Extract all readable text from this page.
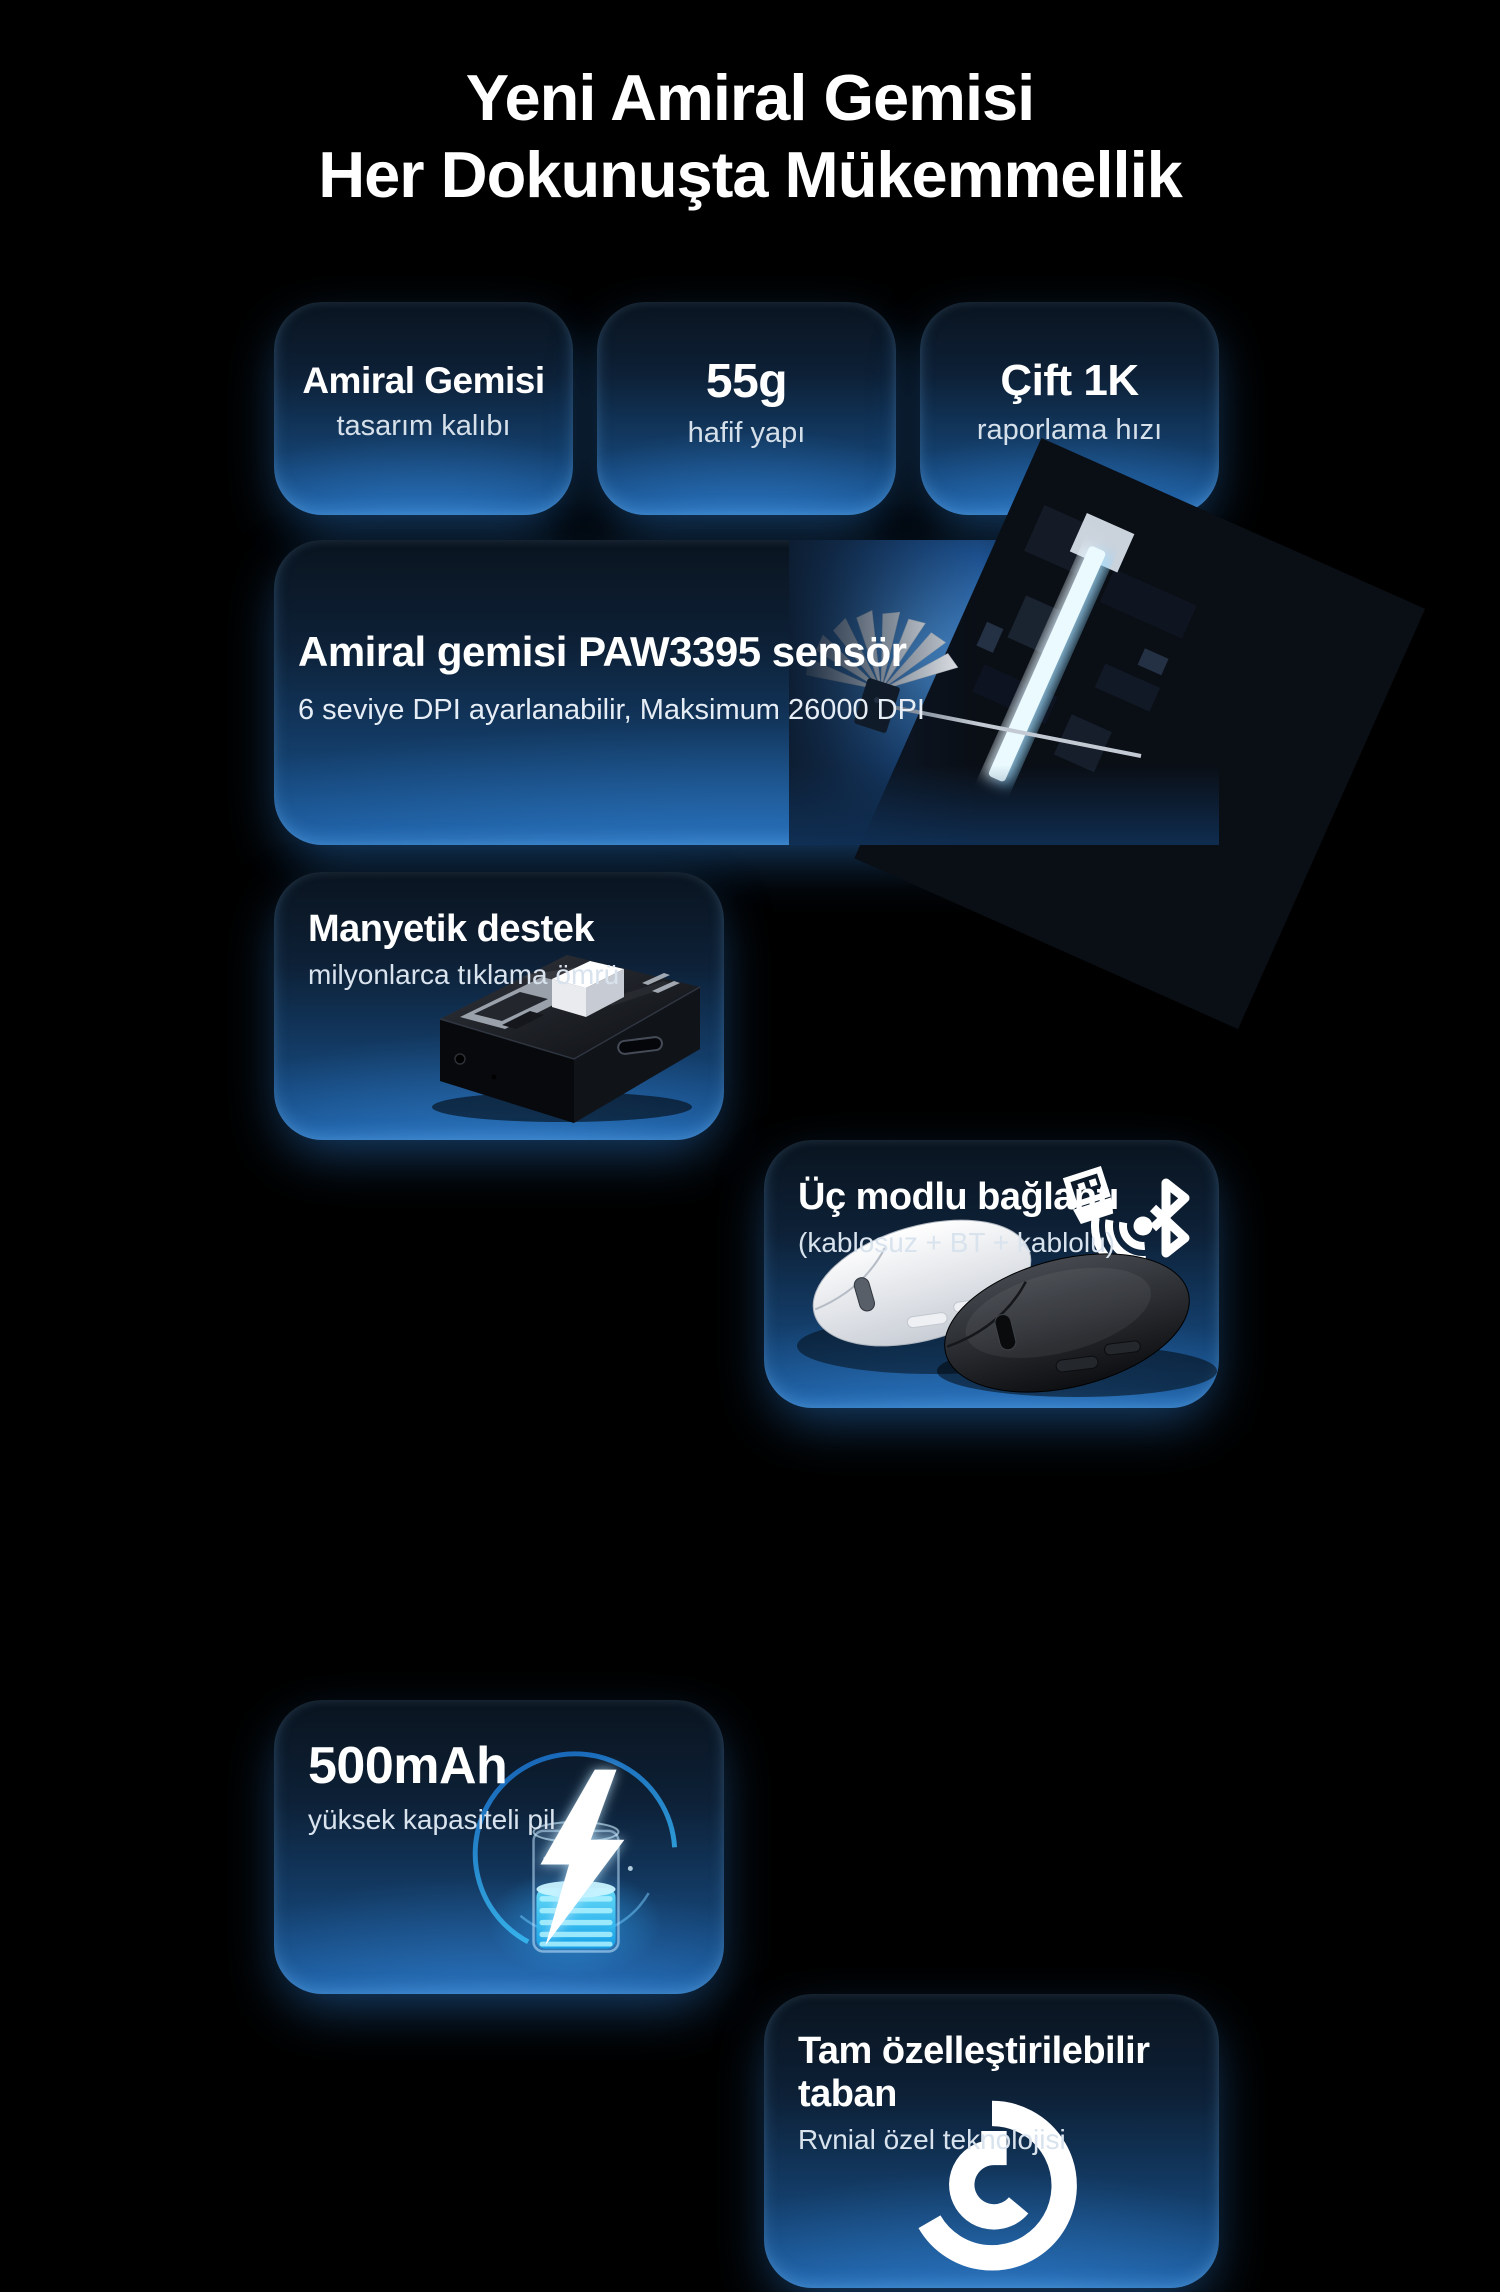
Yeni Amiral Gemisi
Her Dokunuşta Mükemmellik
Amiral Gemisi
tasarım kalıbı
55g
hafif yapı
Çift 1K
raporlama hızı
Amiral gemisi PAW3395 sensör
6 seviye DPI ayarlanabilir, Maksimum 26000 DPI
Manyetik destek
milyonlarca tıklama ömrü
Üç modlu bağlantı
(kablosuz + BT + kablolu)
500mAh
yüksek kapasiteli pil
Tam özelleştirilebilir taban
Rvnial özel teknolojisi
